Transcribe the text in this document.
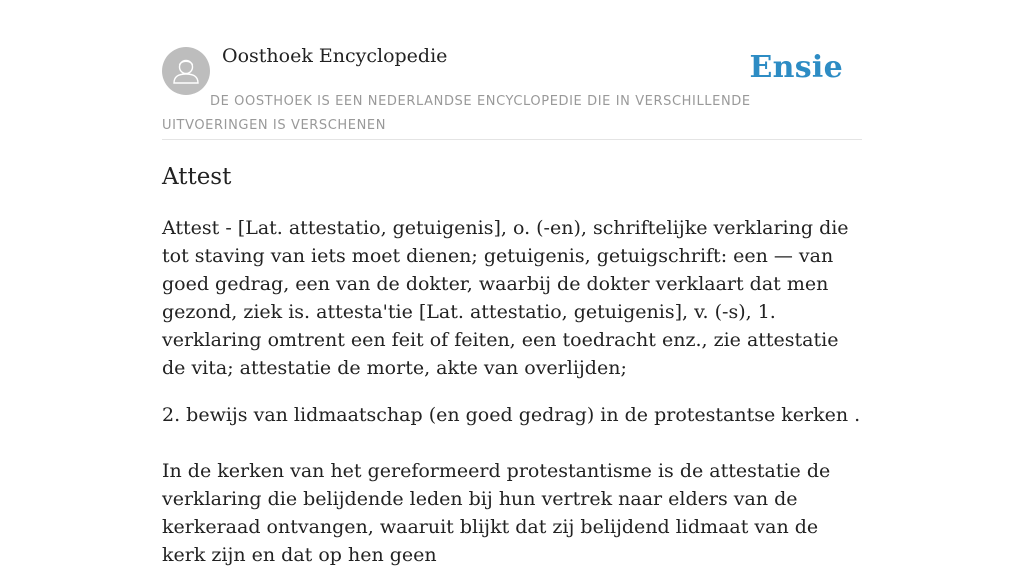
Oosthoek Encyclopedie	Ensie
DE OOSTHOEK IS EEN NEDERLANDSE ENCYCLOPEDIE DIE IN VERSCHILLENDE UITVOERINGEN IS VERSCHENEN
Attest

Attest - [Lat. attestatio, getuigenis], o. (-en), schriftelijke verklaring die tot staving van iets moet dienen; getuigenis, getuigschrift: een — van goed gedrag, een van de dokter, waarbij de dokter verklaart dat men gezond, ziek is. attesta'tie [Lat. attestatio, getuigenis], v. (-s), 1. verklaring omtrent een feit of feiten, een toedracht enz., zie attestatie de vita; attestatie de morte, akte van overlijden;

2. bewijs van lidmaatschap (en goed gedrag) in de protestantse kerken .

In de kerken van het gereformeerd protestantisme is de attestatie de verklaring die belijdende leden bij hun vertrek naar elders van de kerkeraad ontvangen, waaruit blijkt dat zij belijdend lidmaat van de kerk zijn en dat op hen geen
